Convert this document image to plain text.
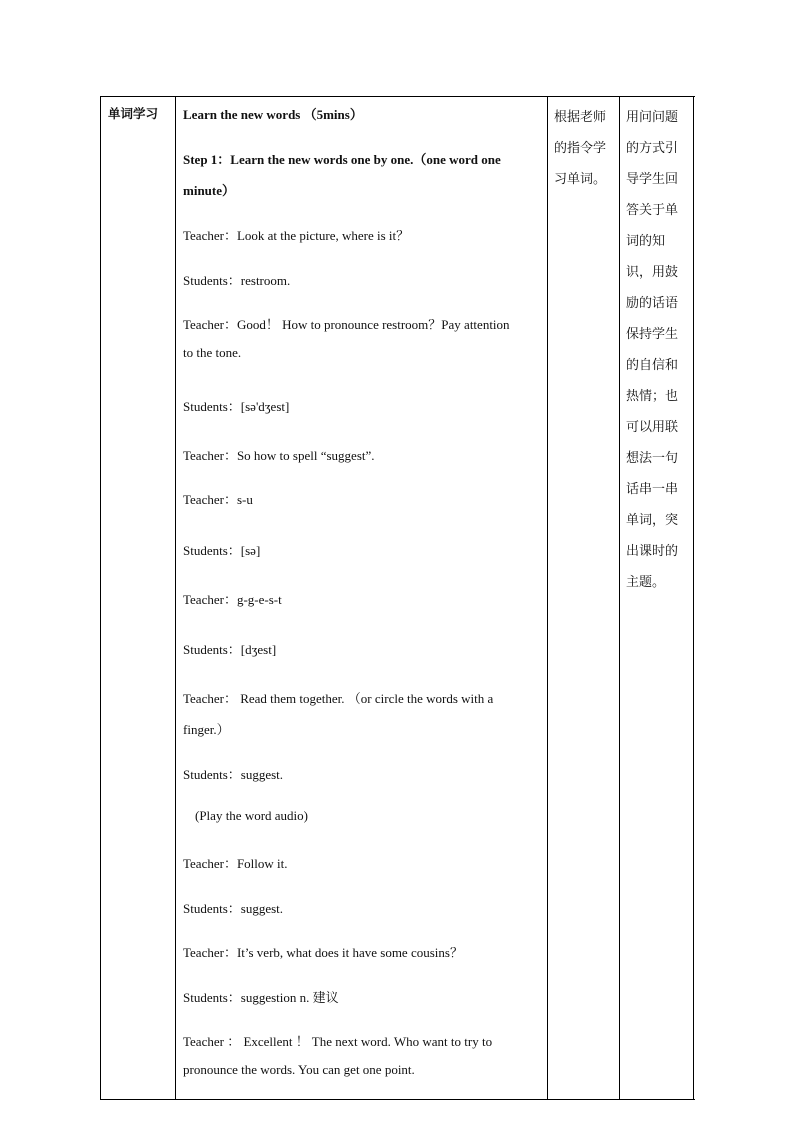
单词学习	Learn the new words （5mins）
Step 1：Learn the new words one by one.（one word one
minute）
Teacher：Look at the picture, where is it？
Students：restroom.
Teacher：Good！ How to pronounce restroom？Pay attention
to the tone.
Students：[sə'dʒest]
Teacher：So how to spell “suggest”.
Teacher：s-u
Students：[sə]
Teacher：g-g-e-s-t
Students：[dʒest]
Teacher： Read them together. （or circle the words with a
finger.）
Students：suggest.
(Play the word audio)
Teacher：Follow it.
Students：suggest.
Teacher：It’s verb, what does it have some cousins？
Students：suggestion n. 建议
Teacher ： Excellent ！ The next word. Who want to try to
pronounce the words. You can get one point.
根据老师的指令学习单词。
用问问题的方式引导学生回答关于单词的知识，用鼓励的话语保持学生的自信和热情；也可以用联想法一句话串一串单词，突出课时的主题。
